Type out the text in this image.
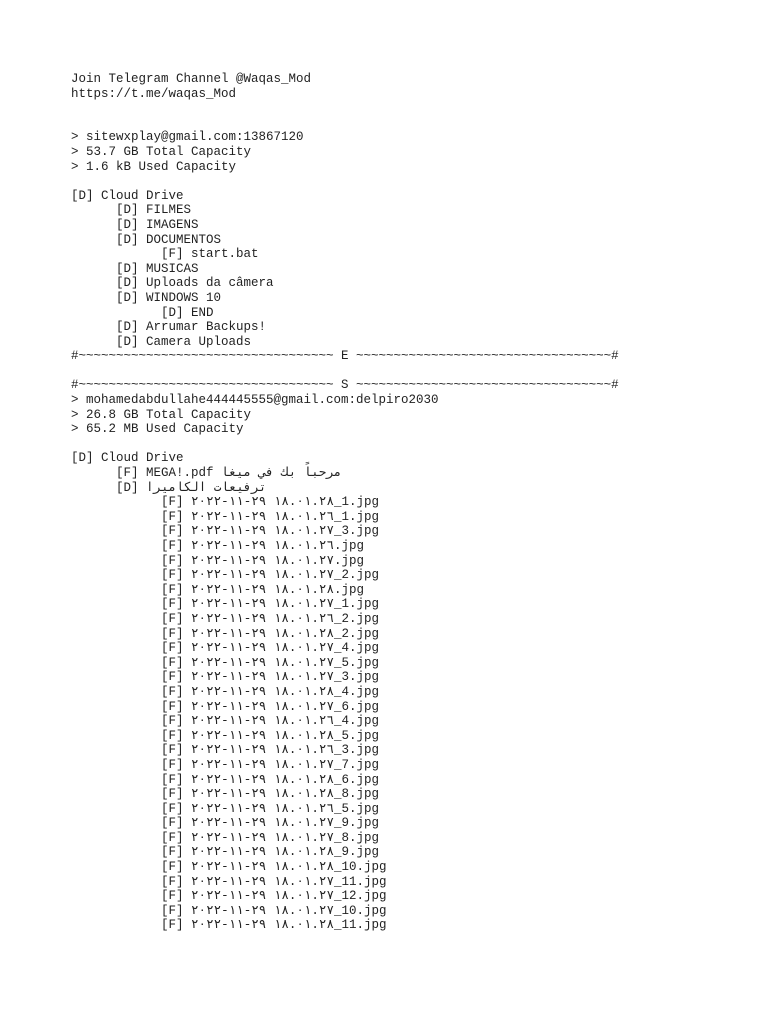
Join Telegram Channel @Waqas_Mod
https://t.me/waqas_Mod
> sitewxplay@gmail.com:13867120
> 53.7 GB Total Capacity
> 1.6 kB Used Capacity
[D] Cloud Drive
[D] FILMES
[D] IMAGENS
[D] DOCUMENTOS
[F] start.bat
[D] MUSICAS
[D] Uploads da câmera
[D] WINDOWS 10
[D] END
[D] Arrumar Backups!
[D] Camera Uploads
#~~~~~~~~~~~~~~~~~~~~~~~~~~~~~~~~~~ E ~~~~~~~~~~~~~~~~~~~~~~~~~~~~~~~~~~#
#~~~~~~~~~~~~~~~~~~~~~~~~~~~~~~~~~~ S ~~~~~~~~~~~~~~~~~~~~~~~~~~~~~~~~~~#
> mohamedabdullahe444445555@gmail.com:delpiro2030
> 26.8 GB Total Capacity
> 65.2 MB Used Capacity
[D] Cloud Drive
[F] مرحباً بك في ميغا MEGA!.pdf
[D] ترفيعات الكاميرا
[F] ١٨.٠١.٢٨ ٢٩-١١-٢٠٢٢_1.jpg
[F] ١٨.٠١.٢٦ ٢٩-١١-٢٠٢٢_1.jpg
[F] ١٨.٠١.٢٧ ٢٩-١١-٢٠٢٢_3.jpg
[F] ١٨.٠١.٢٦ ٢٩-١١-٢٠٢٢.jpg
[F] ١٨.٠١.٢٧ ٢٩-١١-٢٠٢٢.jpg
[F] ١٨.٠١.٢٧ ٢٩-١١-٢٠٢٢_2.jpg
[F] ١٨.٠١.٢٨ ٢٩-١١-٢٠٢٢.jpg
[F] ١٨.٠١.٢٧ ٢٩-١١-٢٠٢٢_1.jpg
[F] ١٨.٠١.٢٦ ٢٩-١١-٢٠٢٢_2.jpg
[F] ١٨.٠١.٢٨ ٢٩-١١-٢٠٢٢_2.jpg
[F] ١٨.٠١.٢٧ ٢٩-١١-٢٠٢٢_4.jpg
[F] ١٨.٠١.٢٧ ٢٩-١١-٢٠٢٢_5.jpg
[F] ١٨.٠١.٢٧ ٢٩-١١-٢٠٢٢_3.jpg
[F] ١٨.٠١.٢٨ ٢٩-١١-٢٠٢٢_4.jpg
[F] ١٨.٠١.٢٧ ٢٩-١١-٢٠٢٢_6.jpg
[F] ١٨.٠١.٢٦ ٢٩-١١-٢٠٢٢_4.jpg
[F] ١٨.٠١.٢٨ ٢٩-١١-٢٠٢٢_5.jpg
[F] ١٨.٠١.٢٦ ٢٩-١١-٢٠٢٢_3.jpg
[F] ١٨.٠١.٢٧ ٢٩-١١-٢٠٢٢_7.jpg
[F] ١٨.٠١.٢٨ ٢٩-١١-٢٠٢٢_6.jpg
[F] ١٨.٠١.٢٨ ٢٩-١١-٢٠٢٢_8.jpg
[F] ١٨.٠١.٢٦ ٢٩-١١-٢٠٢٢_5.jpg
[F] ١٨.٠١.٢٧ ٢٩-١١-٢٠٢٢_9.jpg
[F] ١٨.٠١.٢٧ ٢٩-١١-٢٠٢٢_8.jpg
[F] ١٨.٠١.٢٨ ٢٩-١١-٢٠٢٢_9.jpg
[F] ١٨.٠١.٢٨ ٢٩-١١-٢٠٢٢_10.jpg
[F] ١٨.٠١.٢٧ ٢٩-١١-٢٠٢٢_11.jpg
[F] ١٨.٠١.٢٧ ٢٩-١١-٢٠٢٢_12.jpg
[F] ١٨.٠١.٢٧ ٢٩-١١-٢٠٢٢_10.jpg
[F] ١٨.٠١.٢٨ ٢٩-١١-٢٠٢٢_11.jpg
